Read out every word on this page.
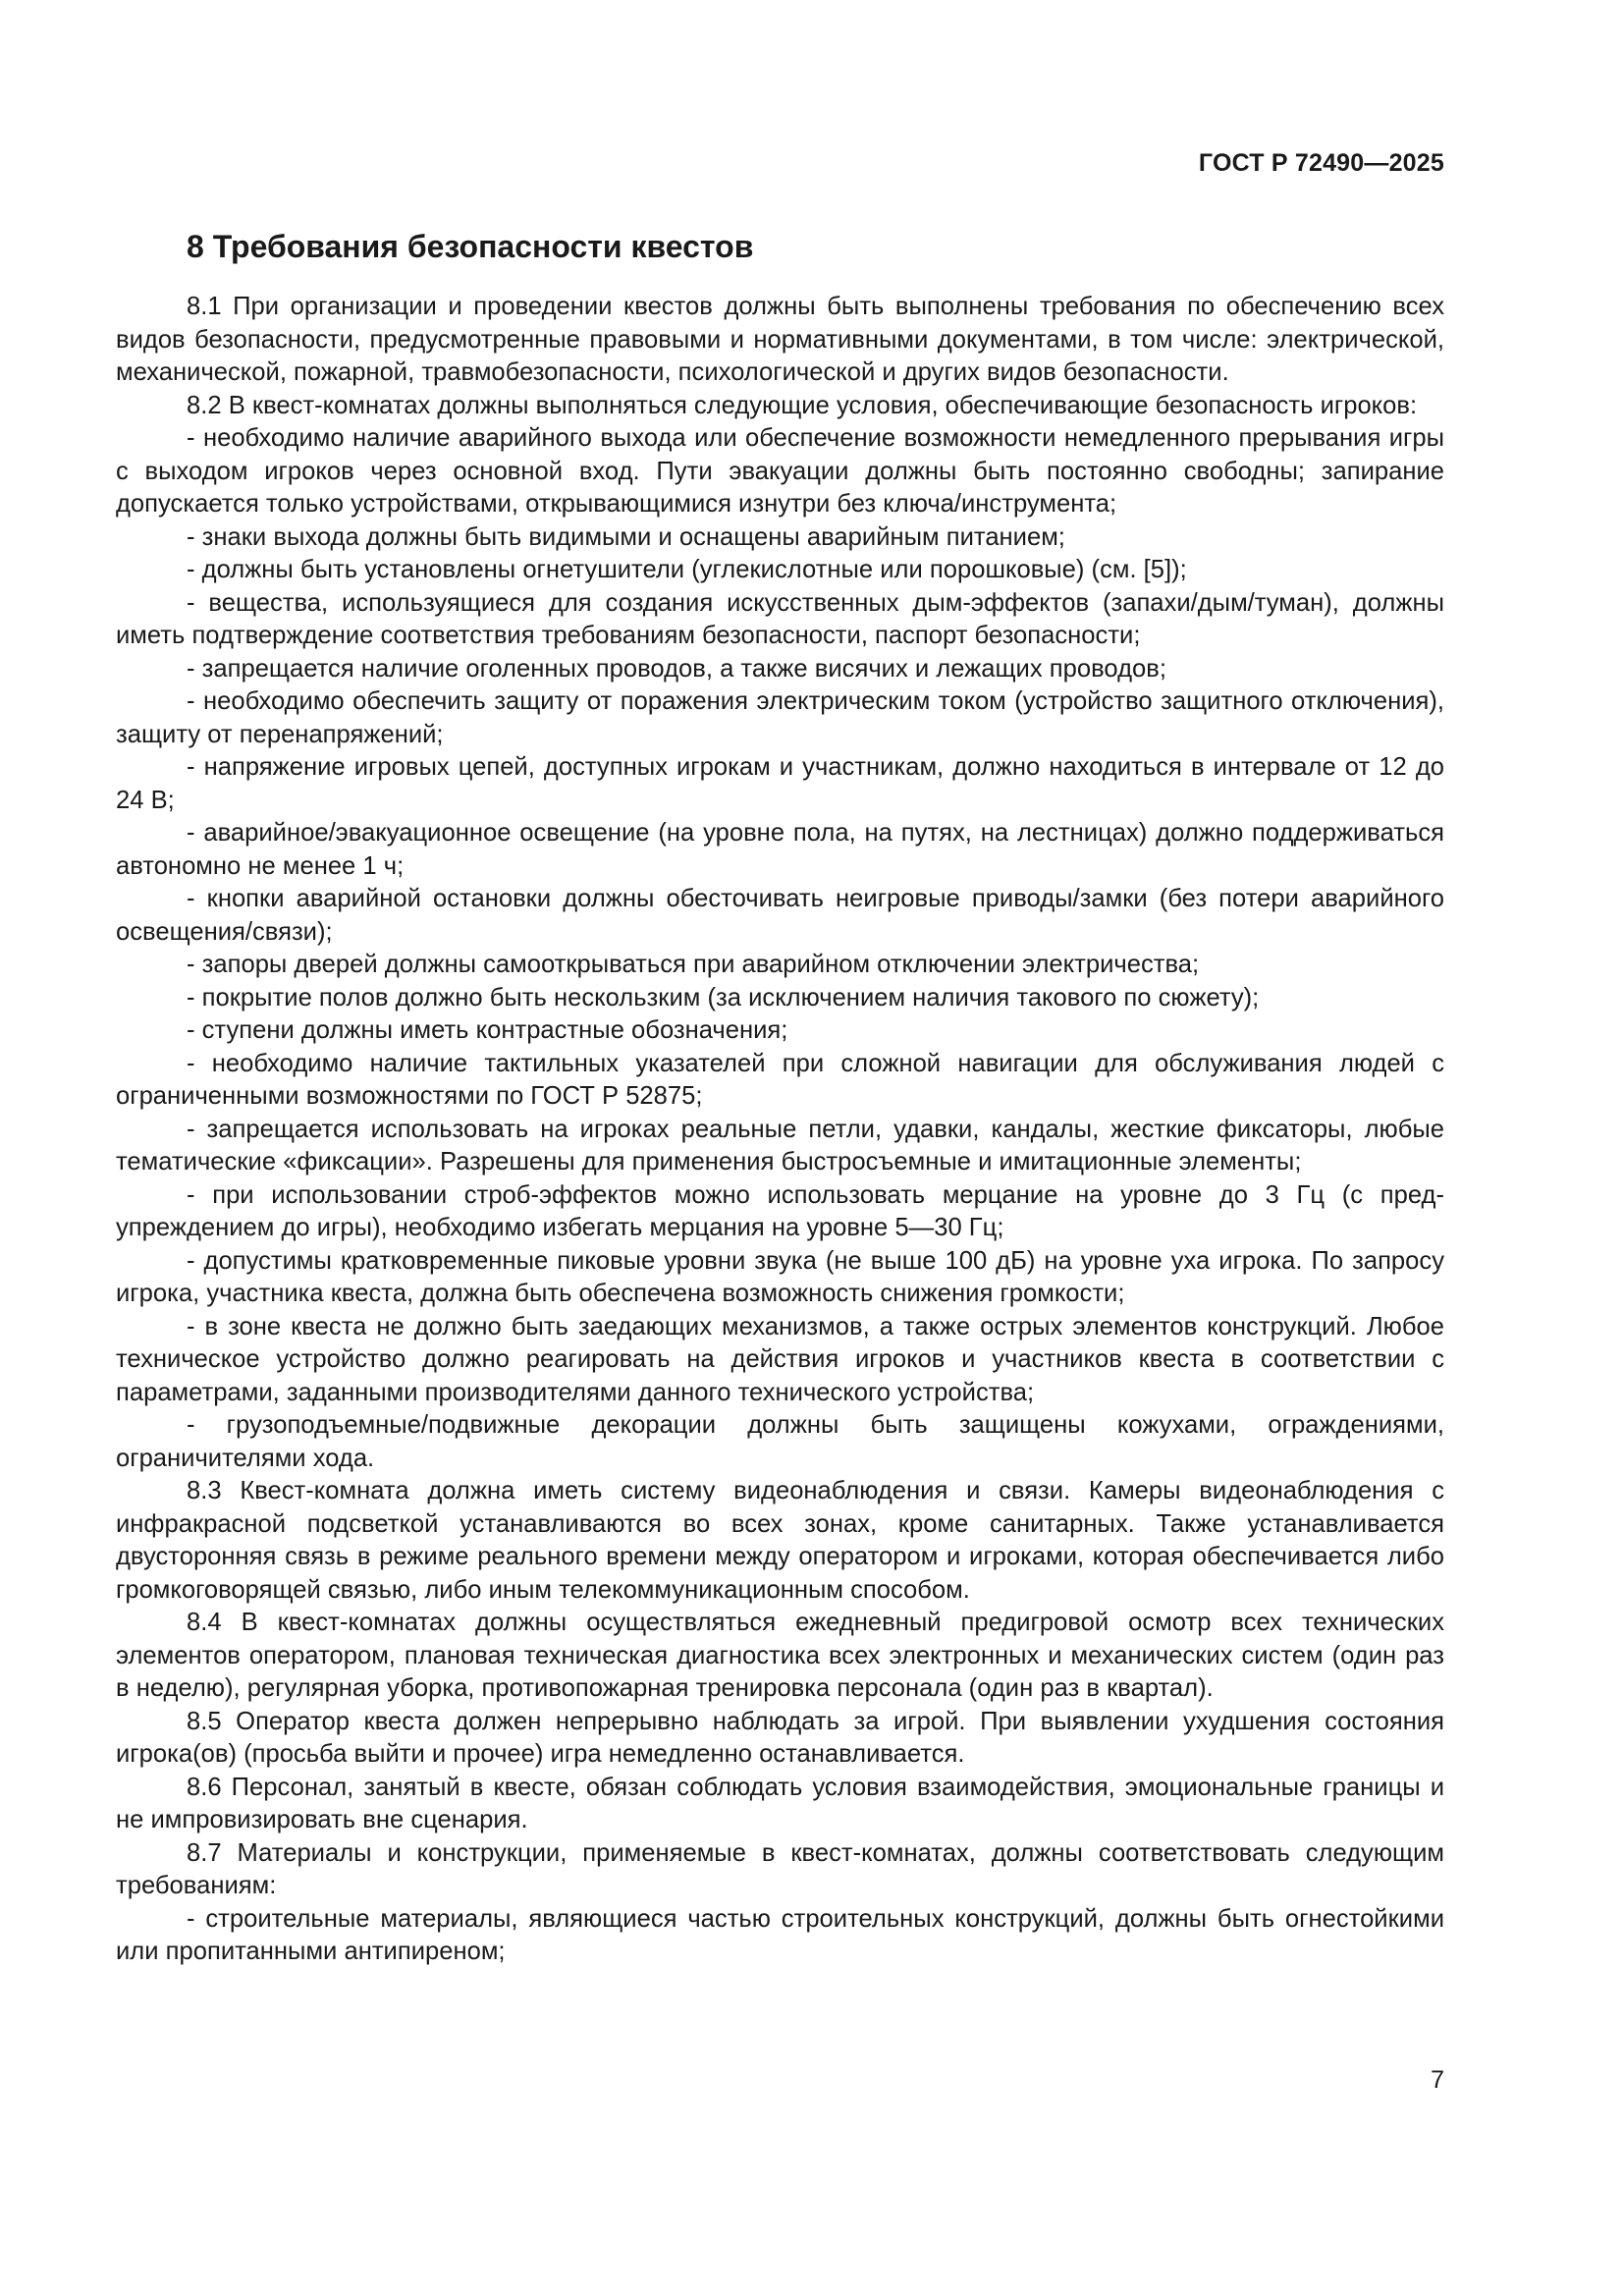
ГОСТ Р 72490—2025
8 Требования безопасности квестов

8.1 При организации и проведении квестов должны быть выполнены требования по обеспечению всех видов безопасности, предусмотренные правовыми и нормативными документами, в том числе: электрической, механической, пожарной, травмобезопасности, психологической и других видов безопасности.

8.2 В квест-комнатах должны выполняться следующие условия, обеспечивающие безопасность игроков:

- необходимо наличие аварийного выхода или обеспечение возможности немедленного прерывания игры с выходом игроков через основной вход. Пути эвакуации должны быть постоянно свободны; запирание допускается только устройствами, открывающимися изнутри без ключа/инструмента;

- знаки выхода должны быть видимыми и оснащены аварийным питанием;

- должны быть установлены огнетушители (углекислотные или порошковые) (см. [5]);

- вещества, используящиеся для создания искусственных дым-эффектов (запахи/дым/туман), должны иметь подтверждение соответствия требованиям безопасности, паспорт безопасности;

- запрещается наличие оголенных проводов, а также висячих и лежащих проводов;

- необходимо обеспечить защиту от поражения электрическим током (устройство защитного отключения), защиту от перенапряжений;

- напряжение игровых цепей, доступных игрокам и участникам, должно находиться в интервале от 12 до 24 В;

- аварийное/эвакуационное освещение (на уровне пола, на путях, на лестницах) должно поддерживаться автономно не менее 1 ч;

- кнопки аварийной остановки должны обесточивать неигровые приводы/замки (без потери аварийного освещения/связи);

- запоры дверей должны самооткрываться при аварийном отключении электричества;

- покрытие полов должно быть нескользким (за исключением наличия такового по сюжету);

- ступени должны иметь контрастные обозначения;

- необходимо наличие тактильных указателей при сложной навигации для обслуживания людей с ограниченными возможностями по ГОСТ Р 52875;

- запрещается использовать на игроках реальные петли, удавки, кандалы, жесткие фиксаторы, любые тематические «фиксации». Разрешены для применения быстросъемные и имитационные элементы;

- при использовании строб-эффектов можно использовать мерцание на уровне до 3 Гц (с предупреждением до игры), необходимо избегать мерцания на уровне 5—30 Гц;

- допустимы кратковременные пиковые уровни звука (не выше 100 дБ) на уровне уха игрока. По запросу игрока, участника квеста, должна быть обеспечена возможность снижения громкости;

- в зоне квеста не должно быть заедающих механизмов, а также острых элементов конструкций. Любое техническое устройство должно реагировать на действия игроков и участников квеста в соответствии с параметрами, заданными производителями данного технического устройства;

- грузоподъемные/подвижные декорации должны быть защищены кожухами, ограждениями, ограничителями хода.

8.3 Квест-комната должна иметь систему видеонаблюдения и связи. Камеры видеонаблюдения с инфракрасной подсветкой устанавливаются во всех зонах, кроме санитарных. Также устанавливается двусторонняя связь в режиме реального времени между оператором и игроками, которая обеспечивается либо громкоговорящей связью, либо иным телекоммуникационным способом.

8.4 В квест-комнатах должны осуществляться ежедневный предигровой осмотр всех технических элементов оператором, плановая техническая диагностика всех электронных и механических систем (один раз в неделю), регулярная уборка, противопожарная тренировка персонала (один раз в квартал).

8.5 Оператор квеста должен непрерывно наблюдать за игрой. При выявлении ухудшения состояния игрока(ов) (просьба выйти и прочее) игра немедленно останавливается.

8.6 Персонал, занятый в квесте, обязан соблюдать условия взаимодействия, эмоциональные границы и не импровизировать вне сценария.

8.7 Материалы и конструкции, применяемые в квест-комнатах, должны соответствовать следующим требованиям:

- строительные материалы, являющиеся частью строительных конструкций, должны быть огнестойкими или пропитанными антипиреном;

7
